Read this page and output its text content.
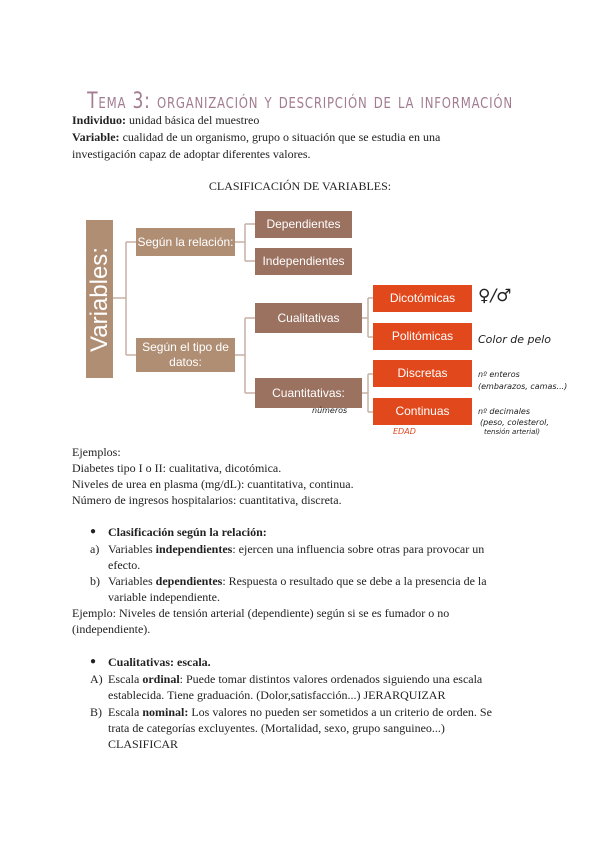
Tema 3: organización y descripción de la información

Individuo: unidad básica del muestreo

Variable: cualidad de un organismo, grupo o situación que se estudia en una

investigación capaz de adoptar diferentes valores.

CLASIFICACIÓN DE VARIABLES:
Variables:
Según la relación:
Dependientes
Independientes
Según el tipo de datos:
Cualitativas
Cuantitativas:
Dicotómicas
Politómicas
Discretas
Continuas
♀/♂
Color de pelo
números
nº enteros
(embarazos, camas...)
nº decimales
(peso, colesterol,
tensión arterial)
EDAD

Ejemplos:

Diabetes tipo I o II: cualitativa, dicotómica.

Niveles de urea en plasma (mg/dL): cuantitativa, continua.

Número de ingresos hospitalarios: cuantitativa, discreta.

● Clasificación según la relación:

a) Variables independientes: ejercen una influencia sobre otras para provocar un

efecto.

b) Variables dependientes: Respuesta o resultado que se debe a la presencia de la

variable independiente.

Ejemplo: Niveles de tensión arterial (dependiente) según si se es fumador o no

(independiente).

● Cualitativas: escala.

A) Escala ordinal: Puede tomar distintos valores ordenados siguiendo una escala

establecida. Tiene graduación. (Dolor,satisfacción...) JERARQUIZAR

B) Escala nominal: Los valores no pueden ser sometidos a un criterio de orden. Se

trata de categorías excluyentes. (Mortalidad, sexo, grupo sanguineo...)

CLASIFICAR
